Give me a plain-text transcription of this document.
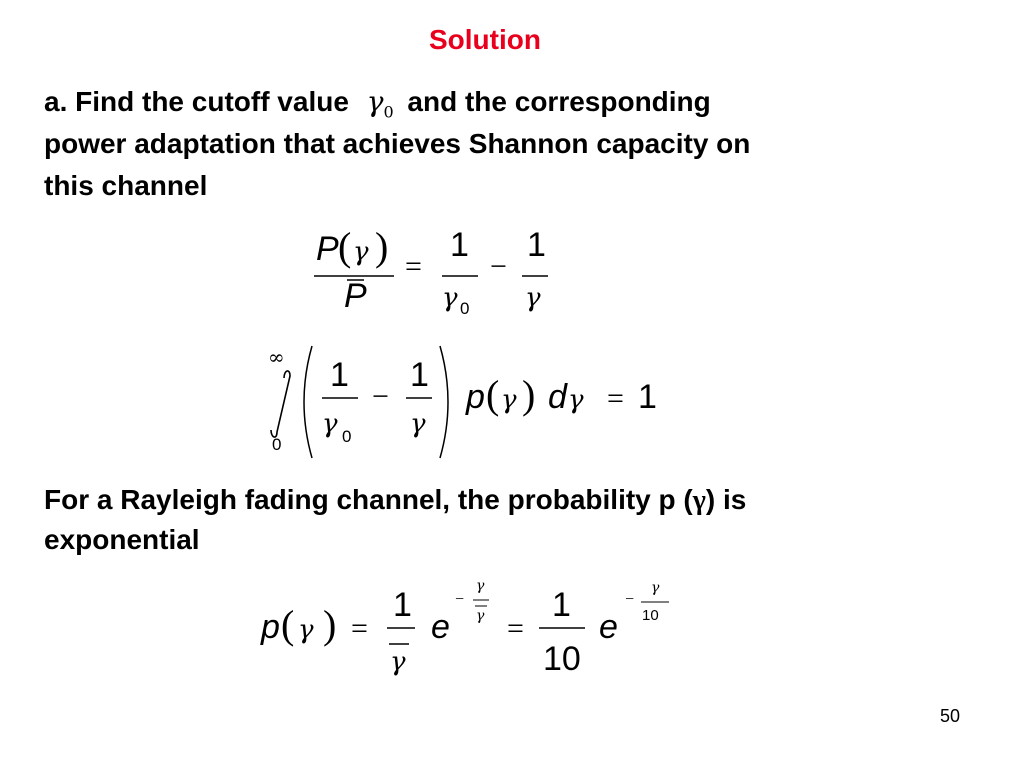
Solution
a. Find the cutoff value $\gamma_0$ and the corresponding
power adaptation that achieves Shannon capacity on
this channel
P ( γ )
P
=
1
γ 0
−
1
γ
∞
0
1
γ 0
−
1
γ
p ( γ ) d γ = 1
For a Rayleigh fading channel, the probability p (γ) is
exponential
p ( γ ) =
1
γ
e
−
γ
γ =
1
10
e
−
γ
10
50
